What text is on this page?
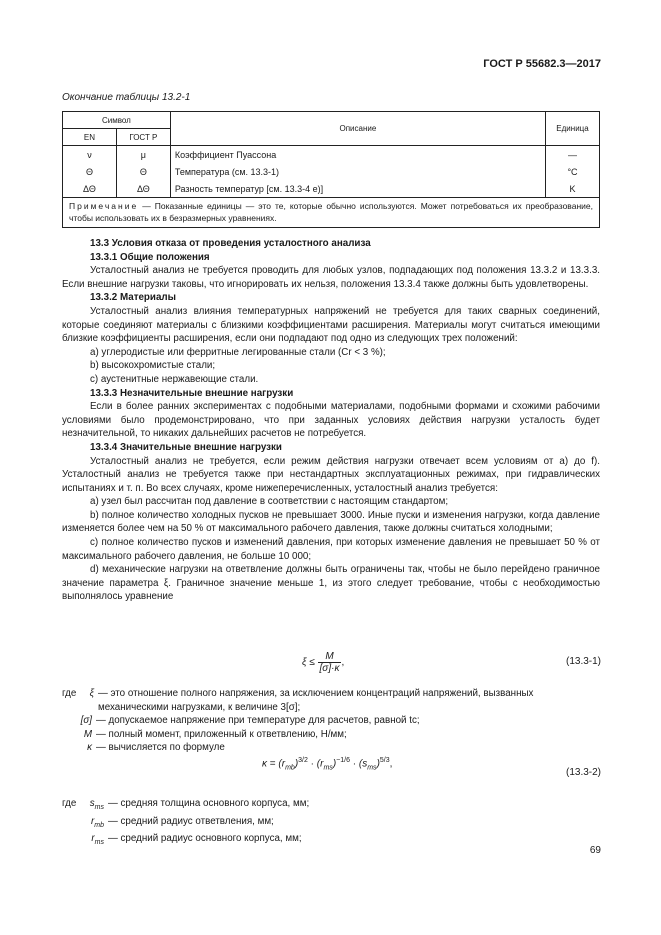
ГОСТ Р 55682.3—2017
Окончание таблицы 13.2-1
Символ		Описание	Единица
EN	ГОСТ Р		
ν	μ	Коэффициент Пуассона	—
Θ	Θ	Температура (см. 13.3-1)	°C
ΔΘ	ΔΘ	Разность температур [см. 13.3-4 е)]	K
Примечание — Показанные единицы — это те, которые обычно используются. Может потребоваться их преобразование, чтобы использовать их в безразмерных уравнениях.			

13.3 Условия отказа от проведения усталостного анализа

13.3.1 Общие положения

Усталостный анализ не требуется проводить для любых узлов, подпадающих под положения 13.3.2 и 13.3.3. Если внешние нагрузки таковы, что игнорировать их нельзя, положения 13.3.4 также должны быть удовлетворены.

13.3.2 Материалы

Усталостный анализ влияния температурных напряжений не требуется для таких сварных соединений, которые соединяют материалы с близкими коэффициентами расширения. Материалы могут считаться имеющими близкие коэффициенты расширения, если они подпадают под одно из следующих трех положений:

a) углеродистые или ферритные легированные стали (Cr < 3 %);

b) высокохромистые стали;

c) аустенитные нержавеющие стали.

13.3.3 Незначительные внешние нагрузки

Если в более ранних экспериментах с подобными материалами, подобными формами и схожими рабочими условиями было продемонстрировано, что при заданных условиях действия нагрузки усталость будет незначительной, то никаких дальнейших расчетов не потребуется.

13.3.4 Значительные внешние нагрузки

Усталостный анализ не требуется, если режим действия нагрузки отвечает всем условиям от а) до f). Усталостный анализ не требуется также при нестандартных эксплуатационных режимах, при гидравлических испытаниях и т. п. Во всех случаях, кроме нижеперечисленных, усталостный анализ требуется:

а) узел был рассчитан под давление в соответствии с настоящим стандартом;

b) полное количество холодных пусков не превышает 3000. Иные пуски и изменения нагрузки, когда давление изменяется более чем на 50 % от максимального рабочего давления, также должны считаться холодными;

c) полное количество пусков и изменений давления, при которых изменение давления не превышает 50 % от максимального рабочего давления, не больше 10 000;

d) механические нагрузки на ответвление должны быть ограничены так, чтобы не было перейдено граничное значение параметра ξ. Граничное значение меньше 1, из этого следует требование, чтобы с необходимостью выполнялось уравнение

$\xi \le \frac{M}{[\sigma]\cdot\kappa}$ ,	(13.3-1)
где	ξ — это отношение полного напряжения, за исключением концентраций напряжений, вызванных механическими нагрузками, к величине 3[σ];
[σ] — допускаемое напряжение при температуре для расчетов, равной tc;
M — полный момент, приложенный к ответвлению, Н/мм;
κ — вычисляется по формуле
$\kappa = (r_{mb})^{3/2} \cdot (r_{ms})^{-1/6} \cdot (s_{ms})^{5/3}$,
(13.3-2)
где	$s_{ms}$ — средняя толщина основного корпуса, мм;
$r_{mb}$ — средний радиус ответвления, мм;
$r_{ms}$ — средний радиус основного корпуса, мм;
69
